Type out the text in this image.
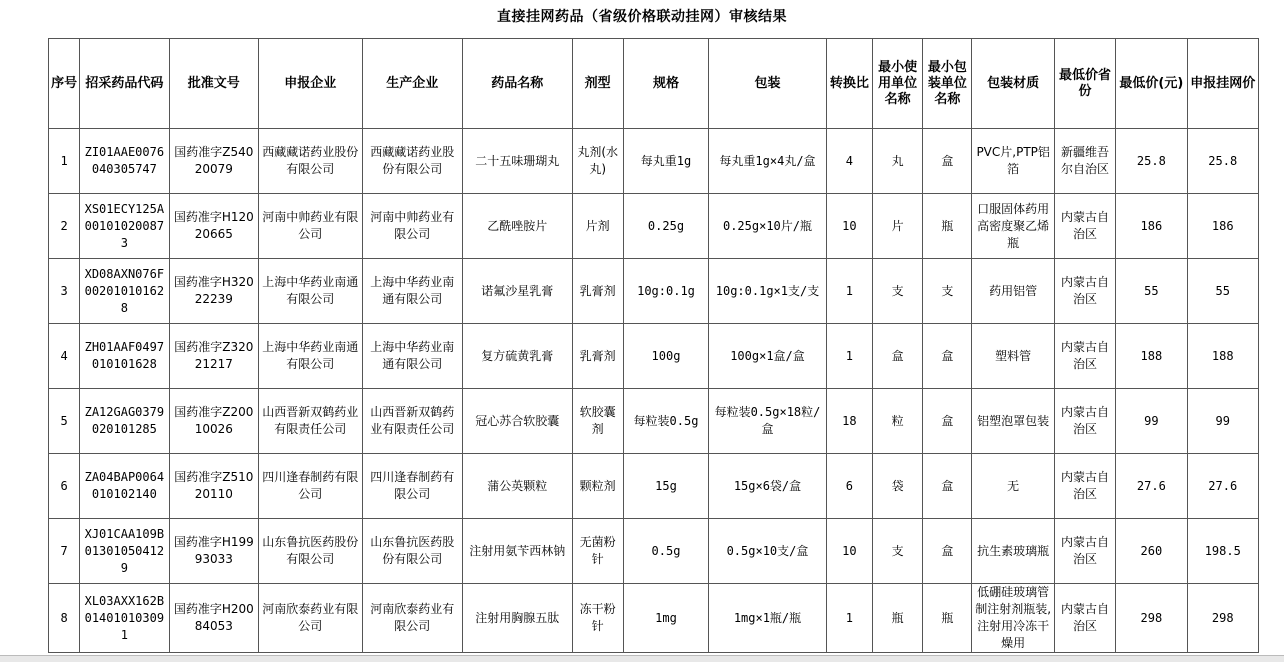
直接挂网药品（省级价格联动挂网）审核结果
序号	招采药品代码	批准文号	申报企业	生产企业	药品名称	剂型	规格	包装	转换比	最小使用单位名称	最小包装单位名称	包装材质	最低价省份	最低价(元)	申报挂网价
1	ZI01AAE0076040305747	国药准字Z54020079	西藏藏诺药业股份有限公司	西藏藏诺药业股份有限公司	二十五味珊瑚丸	丸剂(水丸)	每丸重1g	每丸重1g×4丸/盒	4	丸	盒	PVC片,PTP铝箔	新疆维吾尔自治区	25.8	25.8
2	XS01ECY125A001010200873	国药准字H12020665	河南中帅药业有限公司	河南中帅药业有限公司	乙酰唑胺片	片剂	0.25g	0.25g×10片/瓶	10	片	瓶	口服固体药用高密度聚乙烯瓶	内蒙古自治区	186	186
3	XD08AXN076F002010101628	国药准字H32022239	上海中华药业南通有限公司	上海中华药业南通有限公司	诺氟沙星乳膏	乳膏剂	10g:0.1g	10g:0.1g×1支/支	1	支	支	药用铝管	内蒙古自治区	55	55
4	ZH01AAF0497010101628	国药准字Z32021217	上海中华药业南通有限公司	上海中华药业南通有限公司	复方硫黄乳膏	乳膏剂	100g	100g×1盒/盒	1	盒	盒	塑料管	内蒙古自治区	188	188
5	ZA12GAG0379020101285	国药准字Z20010026	山西晋新双鹤药业有限责任公司	山西晋新双鹤药业有限责任公司	冠心苏合软胶囊	软胶囊剂	每粒装0.5g	每粒装0.5g×18粒/盒	18	粒	盒	铝塑泡罩包装	内蒙古自治区	99	99
6	ZA04BAP0064010102140	国药准字Z51020110	四川逢春制药有限公司	四川逢春制药有限公司	蒲公英颗粒	颗粒剂	15g	15g×6袋/盒	6	袋	盒	无	内蒙古自治区	27.6	27.6
7	XJ01CAA109B013010504129	国药准字H19993033	山东鲁抗医药股份有限公司	山东鲁抗医药股份有限公司	注射用氨苄西林钠	无菌粉针	0.5g	0.5g×10支/盒	10	支	盒	抗生素玻璃瓶	内蒙古自治区	260	198.5
8	XL03AXX162B014010103091	国药准字H20084053	河南欣泰药业有限公司	河南欣泰药业有限公司	注射用胸腺五肽	冻干粉针	1mg	1mg×1瓶/瓶	1	瓶	瓶	低硼硅玻璃管制注射剂瓶装,注射用冷冻干燥用	内蒙古自治区	298	298
